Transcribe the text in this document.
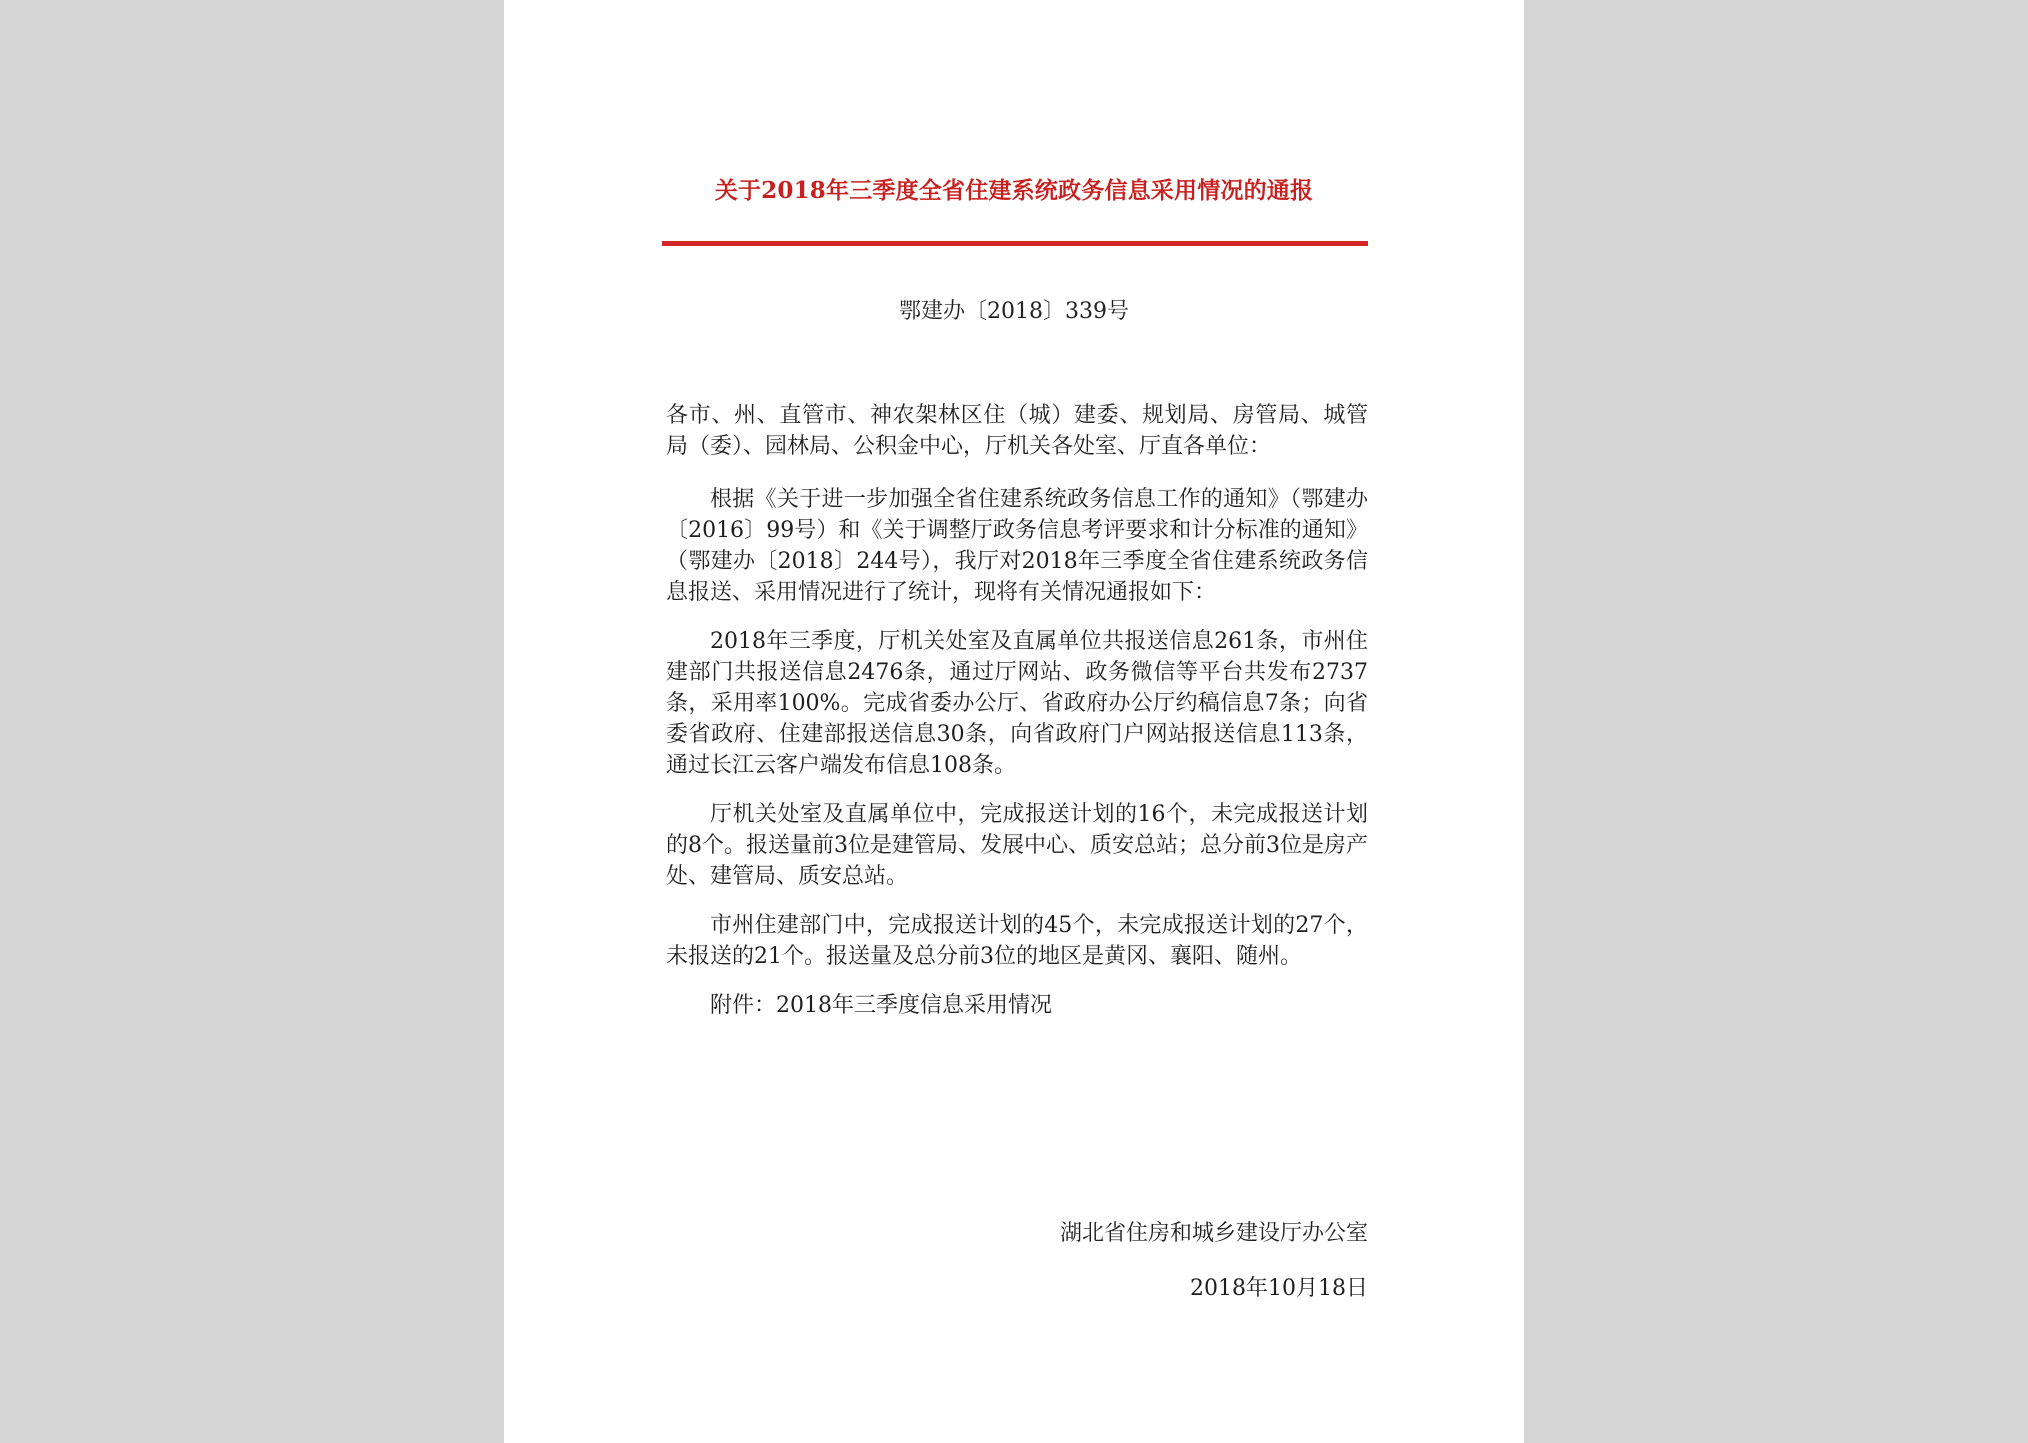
关于2018年三季度全省住建系统政务信息采用情况的通报
鄂建办〔2018〕339号

各市、州、直管市、神农架林区住（城）建委、规划局、房管局、城管局（委）、园林局、公积金中心，厅机关各处室、厅直各单位：

根据《关于进一步加强全省住建系统政务信息工作的通知》（鄂建办〔2016〕99号）和《关于调整厅政务信息考评要求和计分标准的通知》（鄂建办〔2018〕244号），我厅对2018年三季度全省住建系统政务信息报送、采用情况进行了统计，现将有关情况通报如下：

2018年三季度，厅机关处室及直属单位共报送信息261条，市州住建部门共报送信息2476条，通过厅网站、政务微信等平台共发布2737条，采用率100%。完成省委办公厅、省政府办公厅约稿信息7条；向省委省政府、住建部报送信息30条，向省政府门户网站报送信息113条，通过长江云客户端发布信息108条。

厅机关处室及直属单位中，完成报送计划的16个，未完成报送计划的8个。报送量前3位是建管局、发展中心、质安总站；总分前3位是房产处、建管局、质安总站。

市州住建部门中，完成报送计划的45个，未完成报送计划的27个，未报送的21个。报送量及总分前3位的地区是黄冈、襄阳、随州。

附件：2018年三季度信息采用情况

湖北省住房和城乡建设厅办公室
2018年10月18日
